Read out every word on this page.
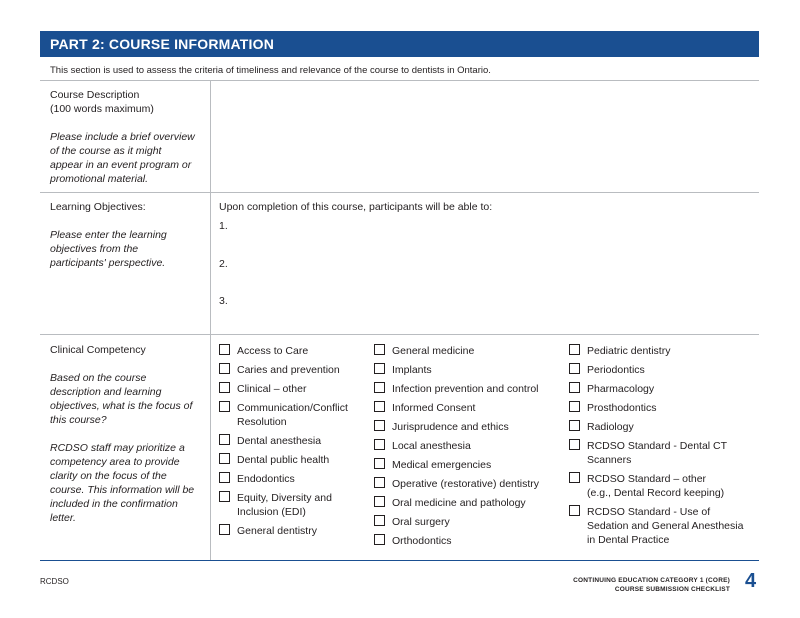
PART 2: COURSE INFORMATION
This section is used to assess the criteria of timeliness and relevance of the course to dentists in Ontario.
Course Description
(100 words maximum)
Please include a brief overview
of the course as it might
appear in an event program or
promotional material.
Learning Objectives:
Please enter the learning
objectives from the
participants' perspective.
Upon completion of this course, participants will be able to:
1.
2.
3.
Clinical Competency
Based on the course
description and learning
objectives, what is the focus of
this course?
RCDSO staff may prioritize a
competency area to provide
clarity on the focus of the
course. This information will be
included in the confirmation
letter.
Access to Care
Caries and prevention
Clinical – other
Communication/Conflict
Resolution
Dental anesthesia
Dental public health
Endodontics
Equity, Diversity and
Inclusion (EDI)
General dentistry
General medicine
Implants
Infection prevention and control
Informed Consent
Jurisprudence and ethics
Local anesthesia
Medical emergencies
Operative (restorative) dentistry
Oral medicine and pathology
Oral surgery
Orthodontics
Pediatric dentistry
Periodontics
Pharmacology
Prosthodontics
Radiology
RCDSO Standard - Dental CT
Scanners
RCDSO Standard – other
(e.g., Dental Record keeping)
RCDSO Standard - Use of
Sedation and General Anesthesia
in Dental Practice
RCDSO	CONTINUING EDUCATION CATEGORY 1 (CORE)
COURSE SUBMISSION CHECKLIST 4
